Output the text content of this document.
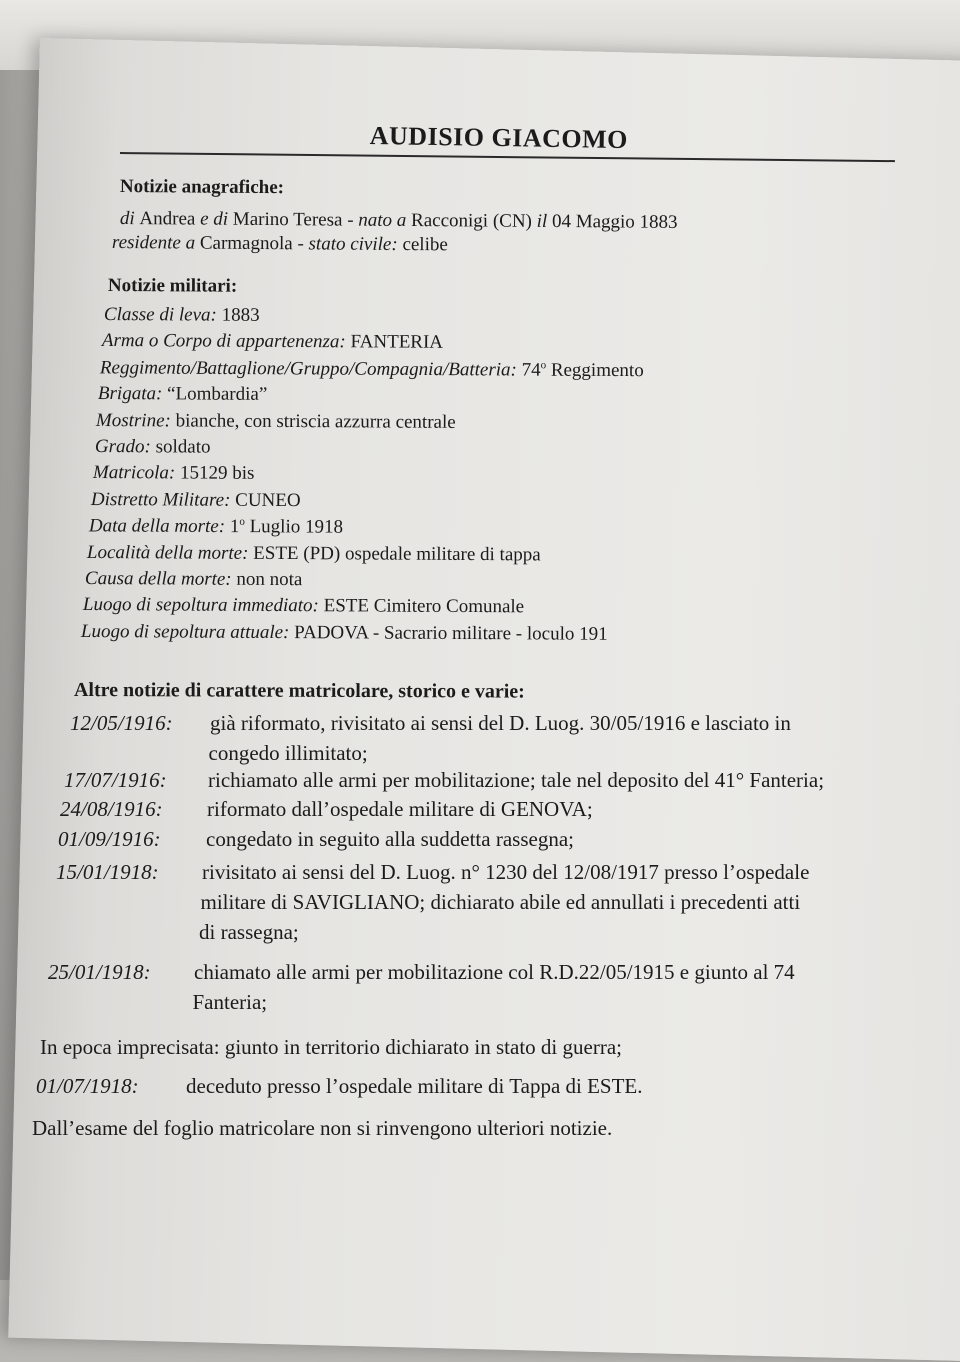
AUDISIO GIACOMO
Notizie anagrafiche:
di Andrea e di Marino Teresa - nato a Racconigi (CN) il 04 Maggio 1883
residente a Carmagnola - stato civile: celibe
Notizie militari:
Classe di leva: 1883
Arma o Corpo di appartenenza: FANTERIA
Reggimento/Battaglione/Gruppo/Compagnia/Batteria: 74$^o$ Reggimento
Brigata: “Lombardia”
Mostrine: bianche, con striscia azzurra centrale
Grado: soldato
Matricola: 15129 bis
Distretto Militare: CUNEO
Data della morte: 1$^o$ Luglio 1918
Località della morte: ESTE (PD) ospedale militare di tappa
Causa della morte: non nota
Luogo di sepoltura immediato: ESTE Cimitero Comunale
Luogo di sepoltura attuale: PADOVA - Sacrario militare - loculo 191
Altre notizie di carattere matricolare, storico e varie:
12/05/1916: già riformato, rivisitato ai sensi del D. Luog. 30/05/1916 e lasciato in
congedo illimitato;
17/07/1916: richiamato alle armi per mobilitazione; tale nel deposito del 41° Fanteria;
24/08/1916: riformato dall’ospedale militare di GENOVA;
01/09/1916: congedato in seguito alla suddetta rassegna;
15/01/1918: rivisitato ai sensi del D. Luog. n° 1230 del 12/08/1917 presso l’ospedale
militare di SAVIGLIANO; dichiarato abile ed annullati i precedenti atti
di rassegna;
25/01/1918: chiamato alle armi per mobilitazione col R.D.22/05/1915 e giunto al 74
Fanteria;
In epoca imprecisata: giunto in territorio dichiarato in stato di guerra;
01/07/1918: deceduto presso l’ospedale militare di Tappa di ESTE.
Dall’esame del foglio matricolare non si rinvengono ulteriori notizie.
